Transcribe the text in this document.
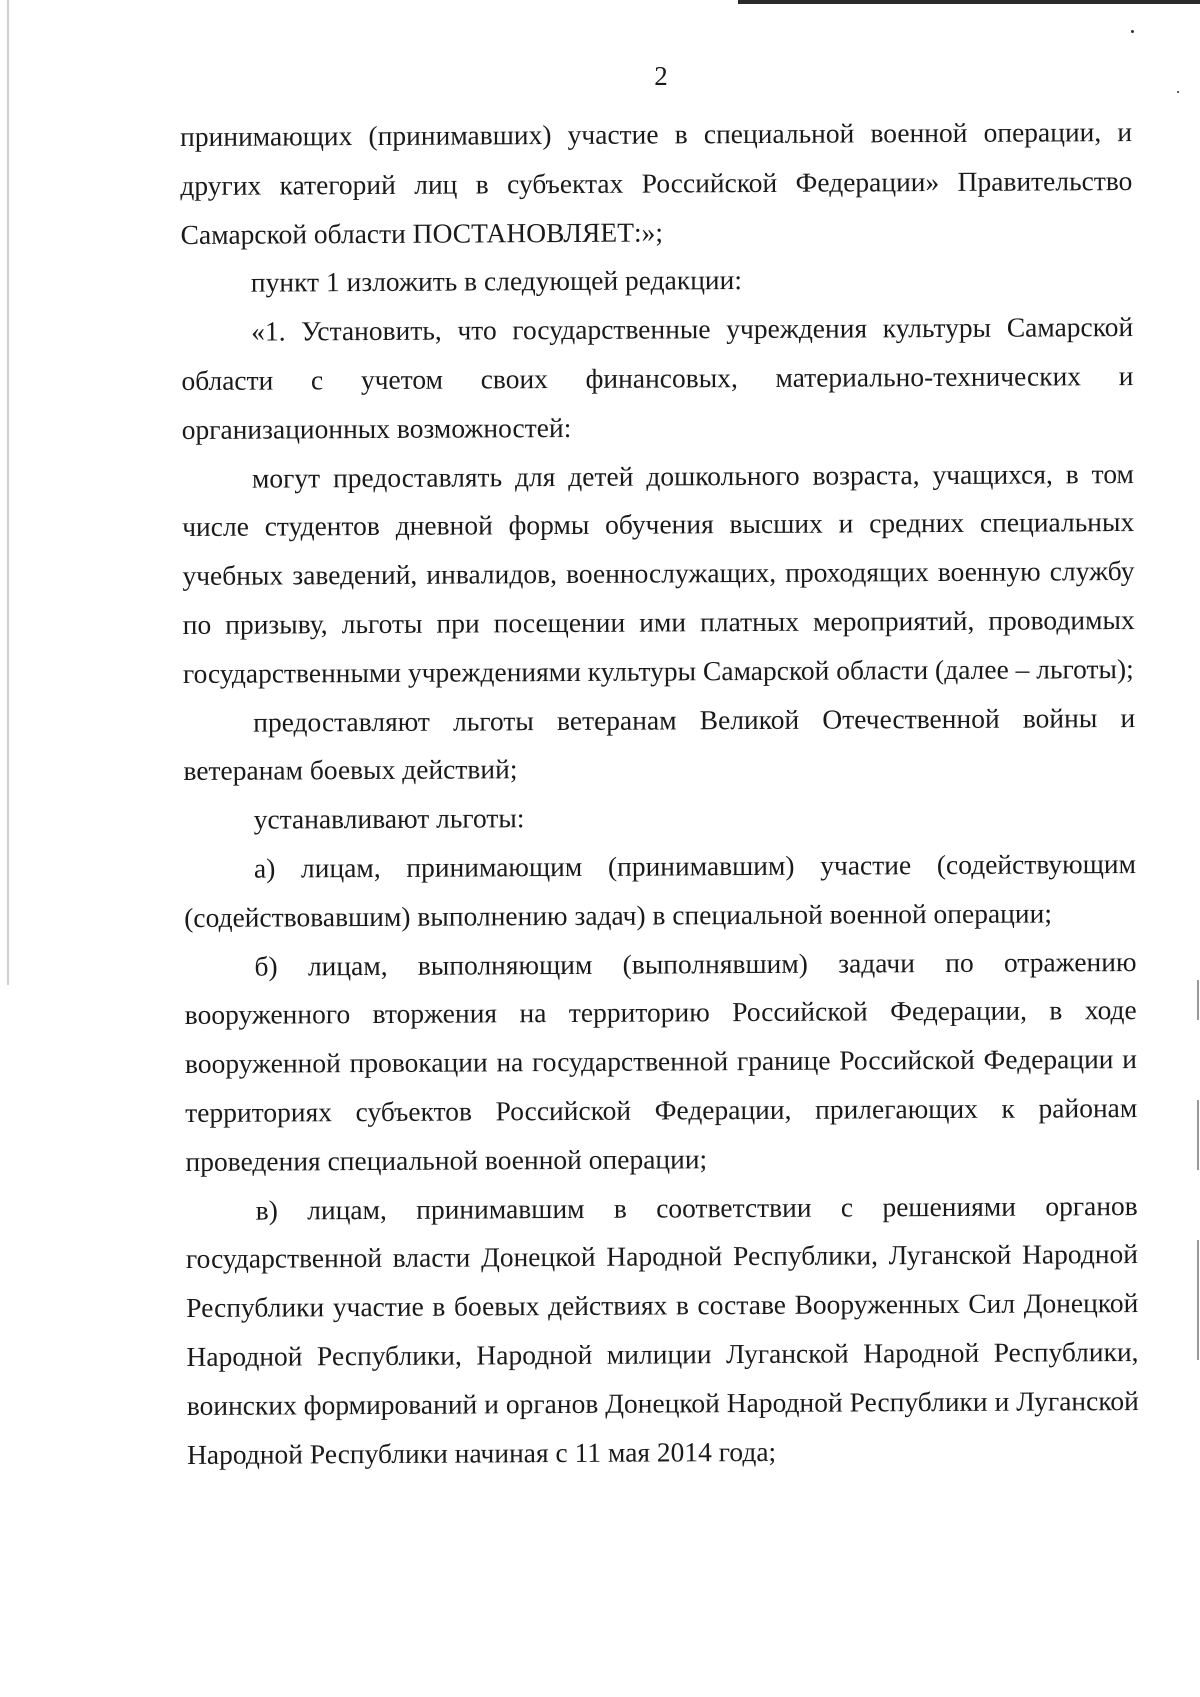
2

принимающих (принимавших) участие в специальной военной операции, и других категорий лиц в субъектах Российской Федерации» Правительство Самарской области ПОСТАНОВЛЯЕТ:»;

пункт 1 изложить в следующей редакции:

«1. Установить, что государственные учреждения культуры Самарской области с учетом своих финансовых, материально-технических и организационных возможностей:

могут предоставлять для детей дошкольного возраста, учащихся, в том числе студентов дневной формы обучения высших и средних специальных учебных заведений, инвалидов, военнослужащих, проходящих военную службу по призыву, льготы при посещении ими платных мероприятий, проводимых государственными учреждениями культуры Самарской области (далее – льготы);

предоставляют льготы ветеранам Великой Отечественной войны и ветеранам боевых действий;

устанавливают льготы:

а) лицам, принимающим (принимавшим) участие (содействующим (содействовавшим) выполнению задач) в специальной военной операции;

б) лицам, выполняющим (выполнявшим) задачи по отражению вооруженного вторжения на территорию Российской Федерации, в ходе вооруженной провокации на государственной границе Российской Федерации и территориях субъектов Российской Федерации, прилегающих к районам проведения специальной военной операции;

в) лицам, принимавшим в соответствии с решениями органов государственной власти Донецкой Народной Республики, Луганской Народной Республики участие в боевых действиях в составе Вооруженных Сил Донецкой Народной Республики, Народной милиции Луганской Народной Республики, воинских формирований и органов Донецкой Народной Республики и Луганской Народной Республики начиная с 11 мая 2014 года;
